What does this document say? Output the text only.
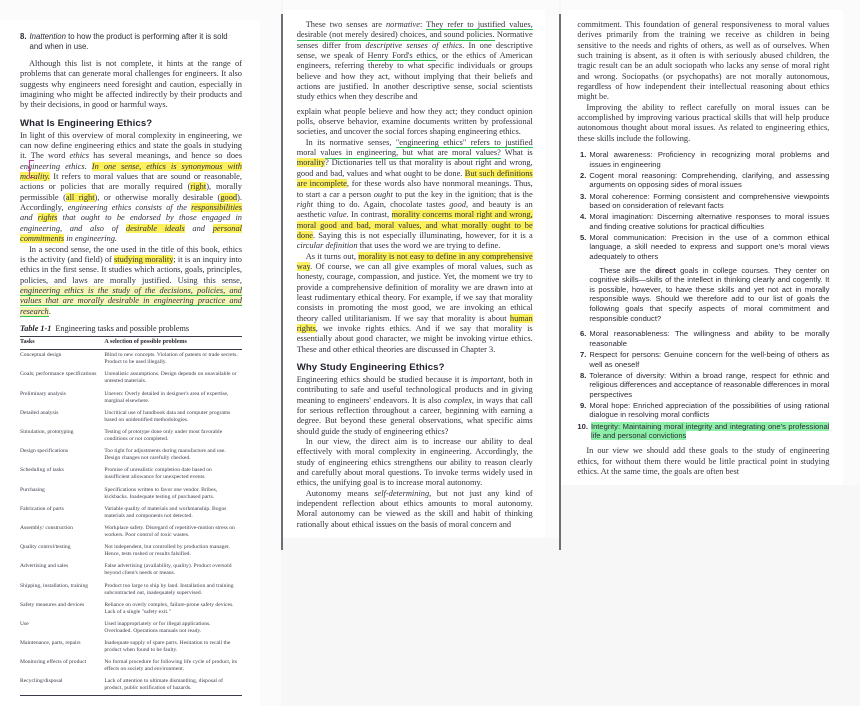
8. Inattention to how the product is performing after it is sold and when in use.

Although this list is not complete, it hints at the range of problems that can generate moral challenges for engineers. It also suggests why engineers need foresight and caution, especially in imagining who might be affected indirectly by their products and by their decisions, in good or harmful ways.

What Is Engineering Ethics?

In light of this overview of moral complexity in engineering, we can now define engineering ethics and state the goals in studying it. The word ethics has several meanings, and hence so does engineering ethics. In one sense, ethics is synonymous with morality. It refers to moral values that are sound or reasonable, actions or policies that are morally required (right), morally permissible (all right), or otherwise morally desirable (good). Accordingly, engineering ethics consists of the responsibilities and rights that ought to be endorsed by those engaged in engineering, and also of desirable ideals and personal commitments in engineering.

In a second sense, the one used in the title of this book, ethics is the activity (and field) of studying morality; it is an inquiry into ethics in the first sense. It studies which actions, goals, principles, policies, and laws are morally justified. Using this sense, engineering ethics is the study of the decisions, policies, and values that are morally desirable in engineering practice and research.

Table 1-1 Engineering tasks and possible problems
Tasks	A selection of possible problems
Conceptual design	Blind to new concepts. Violation of patents or trade secrets. Product to be used illegally.
Goals; performance specifications	Unrealistic assumptions. Design depends on unavailable or untested materials.
Preliminary analysis	Uneven: Overly detailed in designer's area of expertise, marginal elsewhere.
Detailed analysis	Uncritical use of handbook data and computer programs based on unidentified methodologies.
Simulation, prototyping	Testing of prototype done only under most favorable conditions or not completed.
Design specifications	Too tight for adjustments during manufacture and use. Design changes not carefully checked.
Scheduling of tasks	Promise of unrealistic completion date based on insufficient allowance for unexpected events.
Purchasing	Specifications written to favor one vendor. Bribes, kickbacks. Inadequate testing of purchased parts.
Fabrication of parts	Variable quality of materials and workmanship. Bogus materials and components not detected.
Assembly/ construction	Workplace safety. Disregard of repetitive-motion stress on workers. Poor control of toxic wastes.
Quality control/testing	Not independent, but controlled by production manager. Hence, tests rushed or results falsified.
Advertising and sales	False advertising (availability, quality). Product oversold beyond client's needs or means.
Shipping, installation, training	Product too large to ship by land. Installation and training subcontracted out, inadequately supervised.
Safety measures and devices	Reliance on overly complex, failure-prone safety devices. Lack of a single "safety exit."
Use	Used inappropriately or for illegal applications. Overloaded. Operations manuals not ready.
Maintenance, parts, repairs	Inadequate supply of spare parts. Hesitation to recall the product when found to be faulty.
Monitoring effects of product	No formal procedure for following life cycle of product, its effects on society and environment.
Recycling/disposal	Lack of attention to ultimate dismantling, disposal of product, public notification of hazards.

These two senses are normative: They refer to justified values, desirable (not merely desired) choices, and sound policies. Normative senses differ from descriptive senses of ethics. In one descriptive sense, we speak of Henry Ford's ethics, or the ethics of American engineers, referring thereby to what specific individuals or groups believe and how they act, without implying that their beliefs and actions are justified. In another descriptive sense, social scientists study ethics when they describe and

explain what people believe and how they act; they conduct opinion polls, observe behavior, examine documents written by professional societies, and uncover the social forces shaping engineering ethics.

In its normative senses, "engineering ethics" refers to justified moral values in engineering, but what are moral values? What is morality? Dictionaries tell us that morality is about right and wrong, good and bad, values and what ought to be done. But such definitions are incomplete, for these words also have nonmoral meanings. Thus, to start a car a person ought to put the key in the ignition; that is the right thing to do. Again, chocolate tastes good, and beauty is an aesthetic value. In contrast, morality concerns moral right and wrong, moral good and bad, moral values, and what morally ought to be done. Saying this is not especially illuminating, however, for it is a circular definition that uses the word we are trying to define.

As it turns out, morality is not easy to define in any comprehensive way. Of course, we can all give examples of moral values, such as honesty, courage, compassion, and justice. Yet, the moment we try to provide a comprehensive definition of morality we are drawn into at least rudimentary ethical theory. For example, if we say that morality consists in promoting the most good, we are invoking an ethical theory called utilitarianism. If we say that morality is about human rights, we invoke rights ethics. And if we say that morality is essentially about good character, we might be invoking virtue ethics. These and other ethical theories are discussed in Chapter 3.

Why Study Engineering Ethics?

Engineering ethics should be studied because it is important, both in contributing to safe and useful technological products and in giving meaning to engineers' endeavors. It is also complex, in ways that call for serious reflection throughout a career, beginning with earning a degree. But beyond these general observations, what specific aims should guide the study of engineering ethics?

In our view, the direct aim is to increase our ability to deal effectively with moral complexity in engineering. Accordingly, the study of engineering ethics strengthens our ability to reason clearly and carefully about moral questions. To invoke terms widely used in ethics, the unifying goal is to increase moral autonomy.

Autonomy means self-determining, but not just any kind of independent reflection about ethics amounts to moral autonomy. Moral autonomy can be viewed as the skill and habit of thinking rationally about ethical issues on the basis of moral concern and

commitment. This foundation of general responsiveness to moral values derives primarily from the training we receive as children in being sensitive to the needs and rights of others, as well as of ourselves. When such training is absent, as it often is with seriously abused children, the tragic result can be an adult sociopath who lacks any sense of moral right and wrong. Sociopaths (or psychopaths) are not morally autonomous, regardless of how independent their intellectual reasoning about ethics might be.

Improving the ability to reflect carefully on moral issues can be accomplished by improving various practical skills that will help produce autonomous thought about moral issues. As related to engineering ethics, these skills include the following.

1. Moral awareness: Proficiency in recognizing moral problems and issues in engineering
2. Cogent moral reasoning: Comprehending, clarifying, and assessing arguments on opposing sides of moral issues
3. Moral coherence: Forming consistent and comprehensive viewpoints based on consideration of relevant facts
4. Moral imagination: Discerning alternative responses to moral issues and finding creative solutions for practical difficulties
5. Moral communication: Precision in the use of a common ethical language, a skill needed to express and support one's moral views adequately to others
These are the direct goals in college courses. They center on cognitive skills—skills of the intellect in thinking clearly and cogently. It is possible, however, to have these skills and yet not act in morally responsible ways. Should we therefore add to our list of goals the following goals that specify aspects of moral commitment and responsible conduct?
6. Moral reasonableness: The willingness and ability to be morally reasonable
7. Respect for persons: Genuine concern for the well-being of others as well as oneself
8. Tolerance of diversity: Within a broad range, respect for ethnic and religious differences and acceptance of reasonable differences in moral perspectives
9. Moral hope: Enriched appreciation of the possibilities of using rational dialogue in resolving moral conflicts
10. Integrity: Maintaining moral integrity and integrating one's professional life and personal convictions

In our view we should add these goals to the study of engineering ethics, for without them there would be little practical point in studying ethics. At the same time, the goals are often best
